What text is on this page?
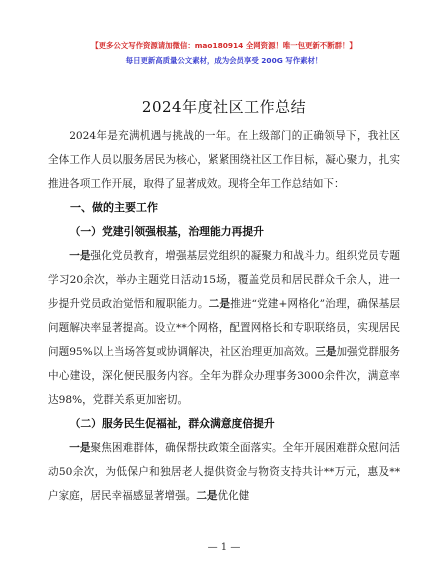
【更多公文写作资源请加微信：mao180914 全网资源！唯一包更新不断群！】
每日更新高质量公文素材，成为会员享受 200G 写作素材！
2024年度社区工作总结

2024年是充满机遇与挑战的一年。在上级部门的正确领导下，我社区全体工作人员以服务居民为核心，紧紧围绕社区工作目标，凝心聚力，扎实推进各项工作开展，取得了显著成效。现将全年工作总结如下：

一、做的主要工作
（一）党建引领强根基，治理能力再提升

一是强化党员教育，增强基层党组织的凝聚力和战斗力。组织党员专题学习20余次，举办主题党日活动15场，覆盖党员和居民群众千余人，进一步提升党员政治觉悟和履职能力。二是推进“党建+网格化”治理，确保基层问题解决率显著提高。设立**个网格，配置网格长和专职联络员，实现居民问题95%以上当场答复或协调解决，社区治理更加高效。三是加强党群服务中心建设，深化便民服务内容。全年为群众办理事务3000余件次，满意率达98%，党群关系更加密切。

（二）服务民生促福祉，群众满意度倍提升

一是聚焦困难群体，确保帮扶政策全面落实。全年开展困难群众慰问活动50余次，为低保户和独居老人提供资金与物资支持共计**万元，惠及**户家庭，居民幸福感显著增强。二是优化健

— 1 —
